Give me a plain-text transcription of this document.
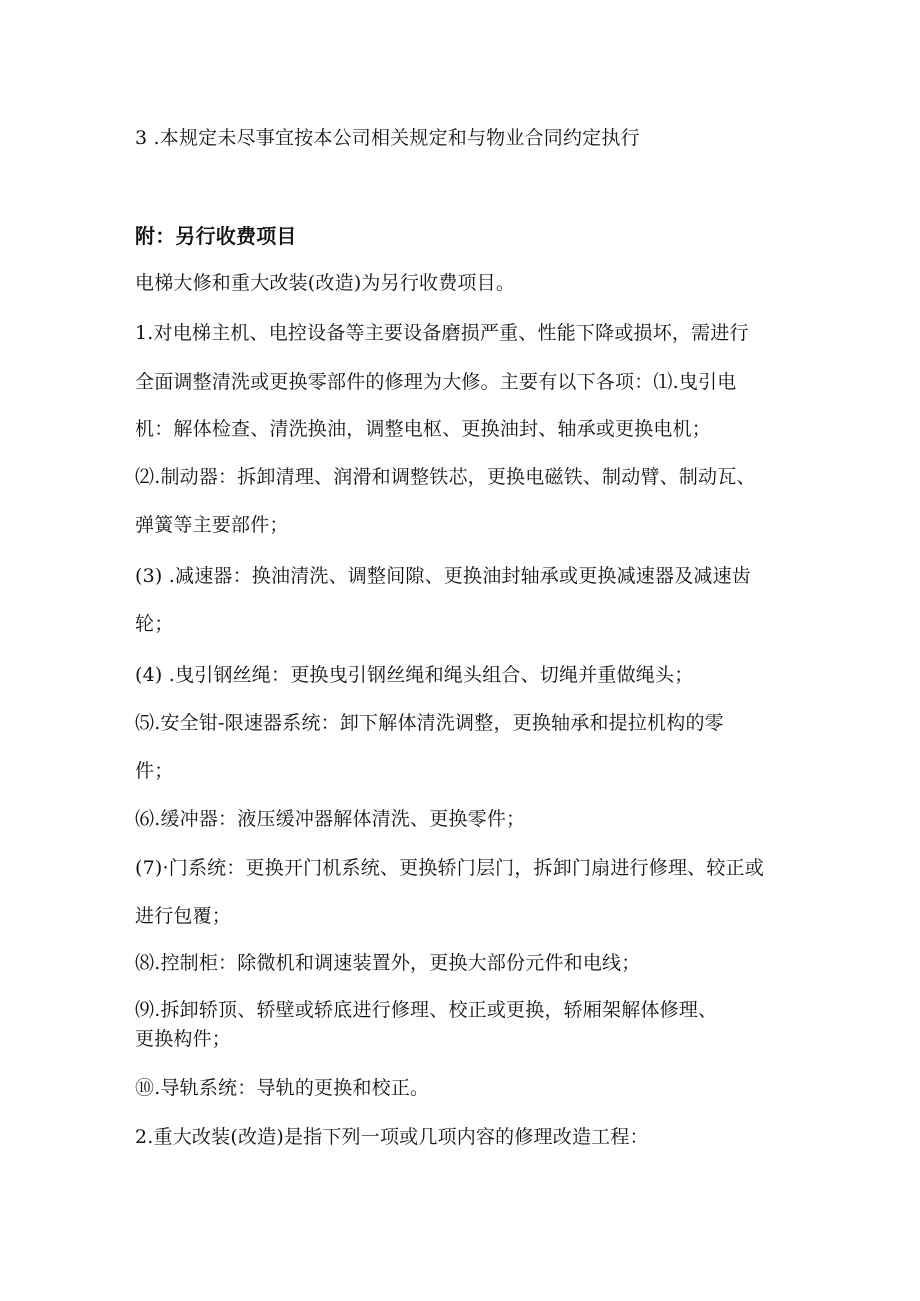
3 .本规定未尽事宜按本公司相关规定和与物业合同约定执行
附：另行收费项目
电梯大修和重大改装(改造)为另行收费项目。
1.对电梯主机、电控设备等主要设备磨损严重、性能下降或损坏，需进行
全面调整清洗或更换零部件的修理为大修。主要有以下各项：⑴.曳引电
机：解体检查、清洗换油，调整电枢、更换油封、轴承或更换电机；
⑵.制动器：拆卸清理、润滑和调整铁芯，更换电磁铁、制动臂、制动瓦、
弹簧等主要部件；
(3) .减速器：换油清洗、调整间隙、更换油封轴承或更换减速器及减速齿
轮；
(4) .曳引钢丝绳：更换曳引钢丝绳和绳头组合、切绳并重做绳头；
⑸.安全钳-限速器系统：卸下解体清洗调整，更换轴承和提拉机构的零
件；
⑹.缓冲器：液压缓冲器解体清洗、更换零件；
(7)·门系统：更换开门机系统、更换轿门层门，拆卸门扇进行修理、较正或
进行包覆；
⑻.控制柜：除微机和调速装置外，更换大部份元件和电线；
⑼.拆卸轿顶、轿壁或轿底进行修理、校正或更换，轿厢架解体修理、
更换构件；
⑩.导轨系统：导轨的更换和校正。
2.重大改装(改造)是指下列一项或几项内容的修理改造工程：
